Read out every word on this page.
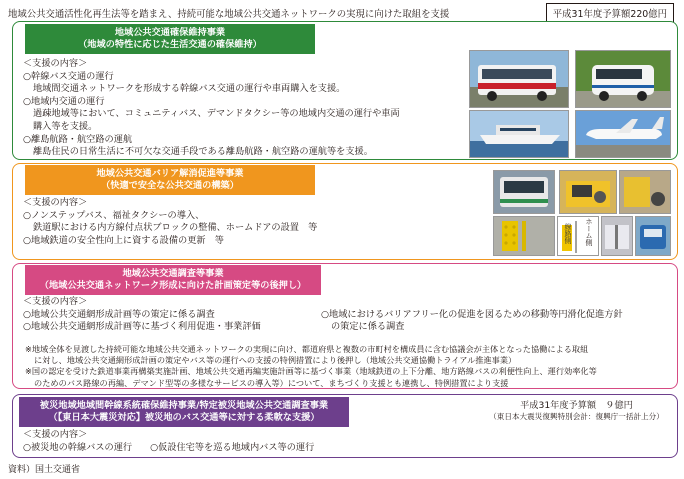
地域公共交通活性化再生法等を踏まえ、持続可能な地域公共交通ネットワークの実現に向けた取組を支援	平成31年度予算額220億円
地域公共交通確保維持事業
（地域の特性に応じた生活交通の確保維持）
＜支援の内容＞
○幹線バス交通の運行
地域間交通ネットワークを形成する幹線バス交通の運行や車両購入を支援。
○地域内交通の運行
過疎地域等において、コミュニティバス、デマンドタクシー等の地域内交通の運行や車両
購入等を支援。
○離島航路・航空路の運航
離島住民の日常生活に不可欠な交通手段である離島航路・航空路の運航等を支援。
地域公共交通バリア解消促進等事業
（快適で安全な公共交通の構築）
＜支援の内容＞
○ノンステップバス、福祉タクシーの導入、
鉄道駅における内方線付点状ブロックの整備、ホームドアの設置　等
○地域鉄道の安全性向上に資する設備の更新　等	ホーム側
線路側
地域公共交通調査等事業
（地域公共交通ネットワーク形成に向けた計画策定等の後押し）
＜支援の内容＞
○地域公共交通網形成計画等の策定に係る調査
○地域公共交通網形成計画等に基づく利用促進・事業評価
○地域におけるバリアフリー化の促進を図るための移動等円滑化促進方針
の策定に係る調査
※地域全体を見渡した持続可能な地域公共交通ネットワークの実現に向け、都道府県と複数の市町村を構成員に含む協議会が主体となった協働による取組
に対し、地域公共交通網形成計画の策定やバス等の運行への支援の特例措置により後押し（地域公共交通協働トライアル推進事業）
※国の認定を受けた鉄道事業再構築実施計画、地域公共交通再編実施計画等に基づく事業（地域鉄道の上下分離、地方路線バスの利便性向上、運行効率化等
のためのバス路線の再編、デマンド型等の多様なサービスの導入等）について、まちづくり支援とも連携し、特例措置により支援
被災地域地域間幹線系統確保維持事業/特定被災地域公共交通調査事業
（【東日本大震災対応】被災地のバス交通等に対する柔軟な支援）
平成31年度予算額　９億円
（東日本大震災復興特別会計：復興庁一括計上分）
＜支援の内容＞
○被災地の幹線バスの運行 ○仮設住宅等を巡る地域内バス等の運行
資料）国土交通省
